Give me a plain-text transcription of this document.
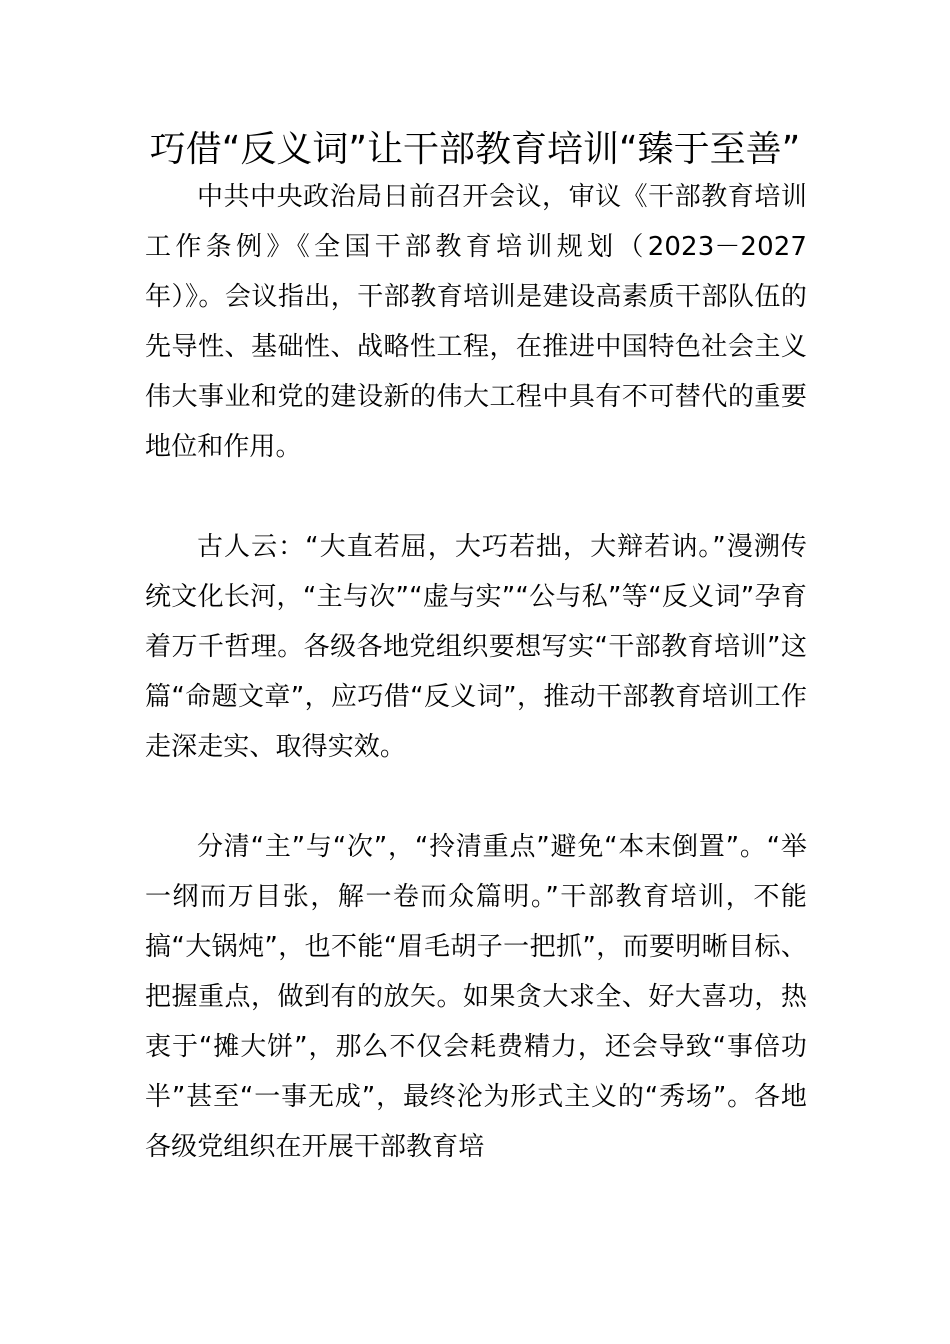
巧借“反义词”让干部教育培训“臻于至善”

中共中央政治局日前召开会议，审议《干部教育培训工作条例》《全国干部教育培训规划（2023－2027年）》。会议指出，干部教育培训是建设高素质干部队伍的先导性、基础性、战略性工程，在推进中国特色社会主义伟大事业和党的建设新的伟大工程中具有不可替代的重要地位和作用。

古人云：“大直若屈，大巧若拙，大辩若讷。”漫溯传统文化长河，“主与次”“虚与实”“公与私”等“反义词”孕育着万千哲理。各级各地党组织要想写实“干部教育培训”这篇“命题文章”，应巧借“反义词”，推动干部教育培训工作走深走实、取得实效。

分清“主”与“次”，“拎清重点”避免“本末倒置”。“举一纲而万目张，解一卷而众篇明。”干部教育培训，不能搞“大锅炖”，也不能“眉毛胡子一把抓”，而要明晰目标、把握重点，做到有的放矢。如果贪大求全、好大喜功，热衷于“摊大饼”，那么不仅会耗费精力，还会导致“事倍功半”甚至“一事无成”，最终沦为形式主义的“秀场”。各地各级党组织在开展干部教育培
